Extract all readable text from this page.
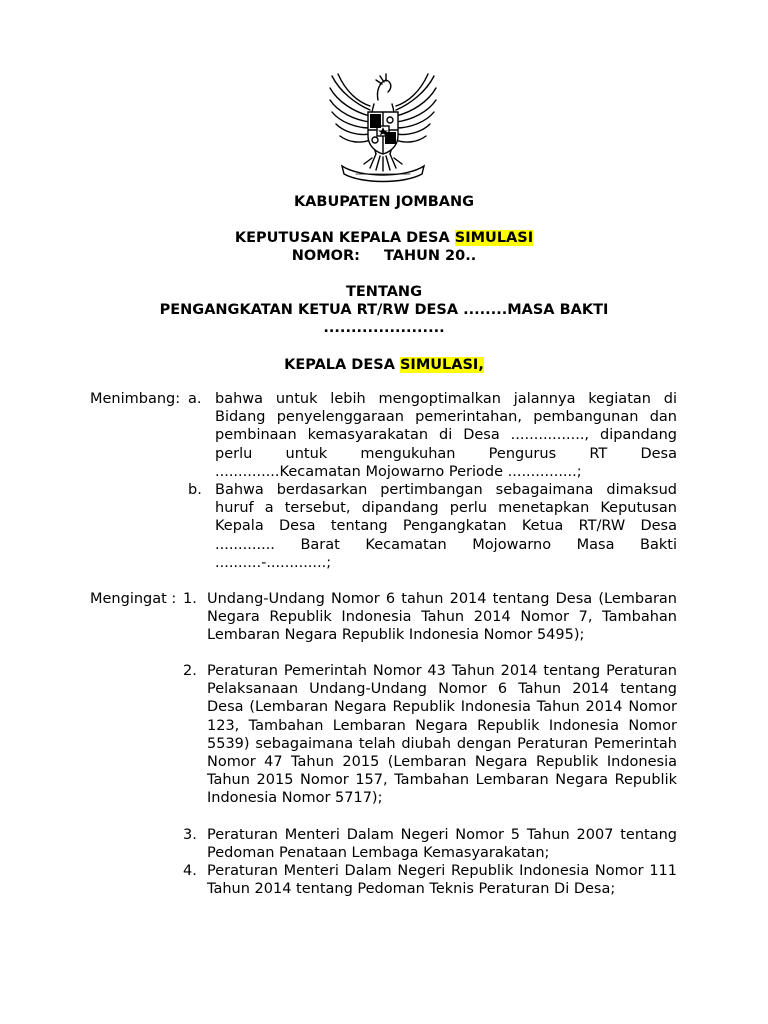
KABUPATEN JOMBANG
KEPUTUSAN KEPALA DESA SIMULASI
NOMOR: TAHUN 20..
TENTANG
PENGANGKATAN KETUA RT/RW DESA ........MASA BAKTI
......................
KEPALA DESA SIMULASI,
Menimbang: a. bahwa untuk lebih mengoptimalkan jalannya kegiatan di Bidang penyelenggaraan pemerintahan, pembangunan dan pembinaan kemasyarakatan di Desa ................, dipandang perlu untuk mengukuhan Pengurus RT Desa ..............Kecamatan Mojowarno Periode ...............;
b. Bahwa berdasarkan pertimbangan sebagaimana dimaksud huruf a tersebut, dipandang perlu menetapkan Keputusan Kepala Desa tentang Pengangkatan Ketua RT/RW Desa ............. Barat Kecamatan Mojowarno Masa Bakti ..........-.............;
Mengingat : 1. Undang-Undang Nomor 6 tahun 2014 tentang Desa (Lembaran Negara Republik Indonesia Tahun 2014 Nomor 7, Tambahan Lembaran Negara Republik Indonesia Nomor 5495);
2. Peraturan Pemerintah Nomor 43 Tahun 2014 tentang Peraturan Pelaksanaan Undang-Undang Nomor 6 Tahun 2014 tentang Desa (Lembaran Negara Republik Indonesia Tahun 2014 Nomor 123, Tambahan Lembaran Negara Republik Indonesia Nomor 5539) sebagaimana telah diubah dengan Peraturan Pemerintah Nomor 47 Tahun 2015 (Lembaran Negara Republik Indonesia Tahun 2015 Nomor 157, Tambahan Lembaran Negara Republik Indonesia Nomor 5717);
3. Peraturan Menteri Dalam Negeri Nomor 5 Tahun 2007 tentang Pedoman Penataan Lembaga Kemasyarakatan;
4. Peraturan Menteri Dalam Negeri Republik Indonesia Nomor 111 Tahun 2014 tentang Pedoman Teknis Peraturan Di Desa;
